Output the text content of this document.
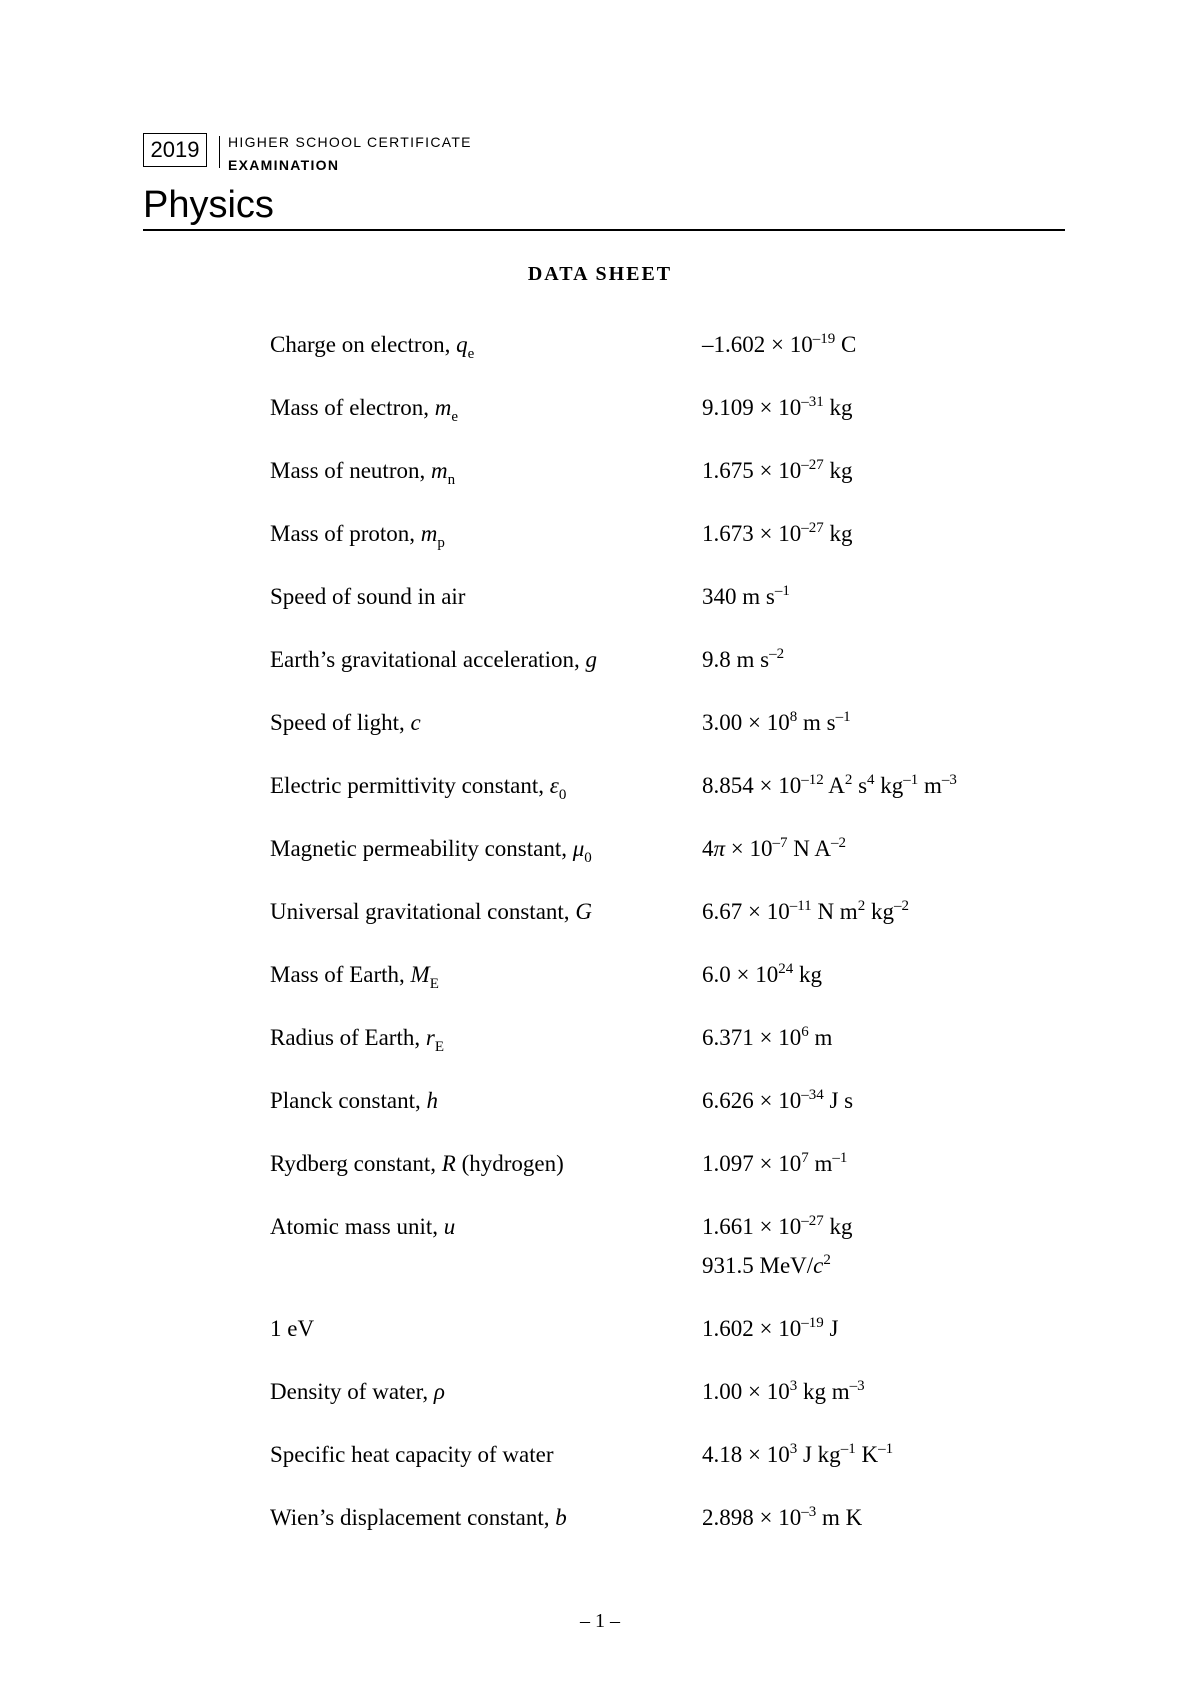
2019	HIGHER SCHOOL CERTIFICATE
EXAMINATION
Physics
DATA SHEET
Charge on electron, $q_e$	$-1.602 \times 10^{-19}$ C
Mass of electron, $m_e$	$9.109 \times 10^{-31}$ kg
Mass of neutron, $m_n$	$1.675 \times 10^{-27}$ kg
Mass of proton, $m_p$	$1.673 \times 10^{-27}$ kg
Speed of sound in air	340 m $s^{-1}$
Earth’s gravitational acceleration, g	9.8 m $s^{-2}$
Speed of light, c	$3.00 \times 10^8$ m $s^{-1}$
Electric permittivity constant, $\varepsilon_0$	$8.854 \times 10^{-12}$ $A^2$ $s^4$ $kg^{-1}$ $m^{-3}$
Magnetic permeability constant, $\mu_0$	$4\pi \times 10^{-7}$ N $A^{-2}$
Universal gravitational constant, G	$6.67 \times 10^{-11}$ N $m^2$ $kg^{-2}$
Mass of Earth, $M_E$	$6.0 \times 10^{24}$ kg
Radius of Earth, $r_E$	$6.371 \times 10^6$ m
Planck constant, h	$6.626 \times 10^{-34}$ J s
Rydberg constant, R (hydrogen)	$1.097 \times 10^7$ $m^{-1}$
Atomic mass unit, u	$1.661 \times 10^{-27}$ kg
931.5 MeV/$c^2$
1 eV	$1.602 \times 10^{-19}$ J
Density of water, ρ	$1.00 \times 10^3$ kg $m^{-3}$
Specific heat capacity of water	$4.18 \times 10^3$ J $kg^{-1}$ $K^{-1}$
Wien’s displacement constant, b	$2.898 \times 10^{-3}$ m K
– 1 –
